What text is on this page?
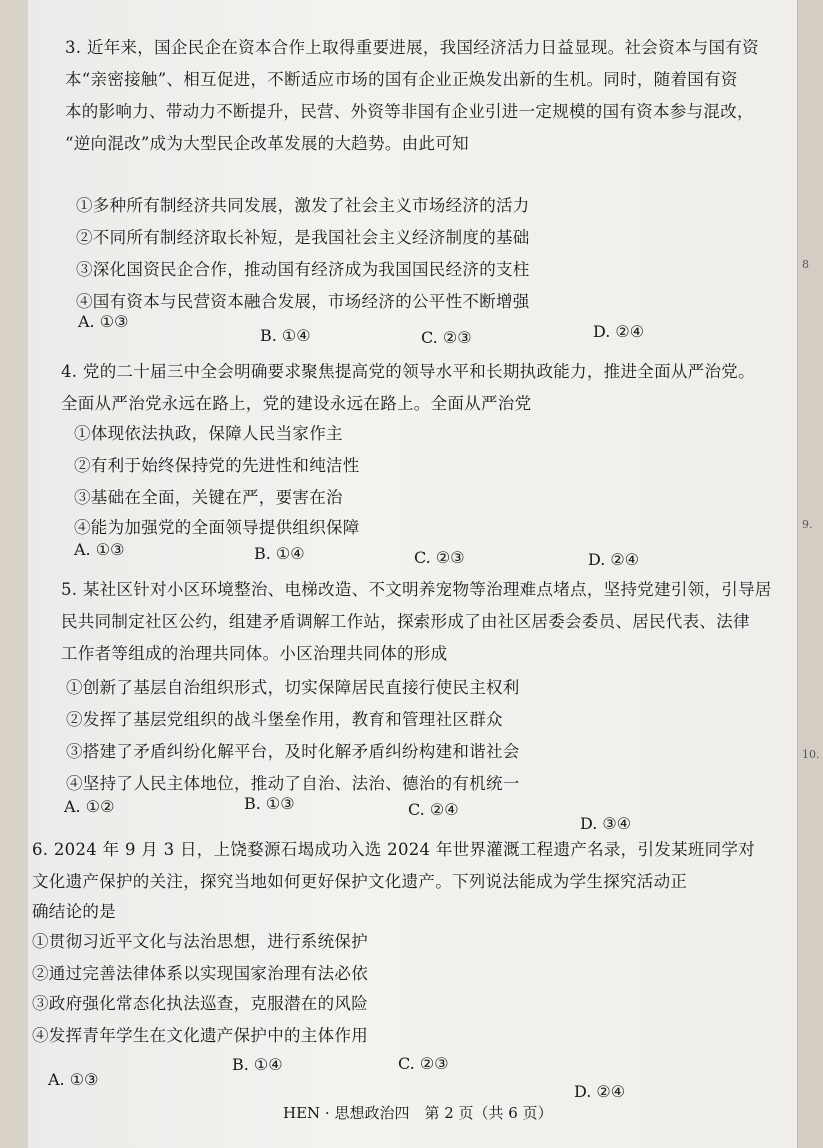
3. 近年来，国企民企在资本合作上取得重要进展，我国经济活力日益显现。社会资本与国有资
本“亲密接触”、相互促进，不断适应市场的国有企业正焕发出新的生机。同时，随着国有资
本的影响力、带动力不断提升，民营、外资等非国有企业引进一定规模的国有资本参与混改，
“逆向混改”成为大型民企改革发展的大趋势。由此可知
①多种所有制经济共同发展，激发了社会主义市场经济的活力
②不同所有制经济取长补短，是我国社会主义经济制度的基础
③深化国资民企合作，推动国有经济成为我国国民经济的支柱
④国有资本与民营资本融合发展，市场经济的公平性不断增强
A. ①③
B. ①④	C. ②③	D. ②④
4. 党的二十届三中全会明确要求聚焦提高党的领导水平和长期执政能力，推进全面从严治党。
全面从严治党永远在路上，党的建设永远在路上。全面从严治党
①体现依法执政，保障人民当家作主
②有利于始终保持党的先进性和纯洁性
③基础在全面，关键在严，要害在治
④能为加强党的全面领导提供组织保障
A. ①③	B. ①④	C. ②③	D. ②④
5. 某社区针对小区环境整治、电梯改造、不文明养宠物等治理难点堵点，坚持党建引领，引导居
民共同制定社区公约，组建矛盾调解工作站，探索形成了由社区居委会委员、居民代表、法律
工作者等组成的治理共同体。小区治理共同体的形成
①创新了基层自治组织形式，切实保障居民直接行使民主权利
②发挥了基层党组织的战斗堡垒作用，教育和管理社区群众
③搭建了矛盾纠纷化解平台，及时化解矛盾纠纷构建和谐社会
④坚持了人民主体地位，推动了自治、法治、德治的有机统一
A. ①②	B. ①③	C. ②④
D. ③④
6. 2024 年 9 月 3 日，上饶婺源石堨成功入选 2024 年世界灌溉工程遗产名录，引发某班同学对
文化遗产保护的关注，探究当地如何更好保护文化遗产。下列说法能成为学生探究活动正
确结论的是
①贯彻习近平文化与法治思想，进行系统保护
②通过完善法律体系以实现国家治理有法必依
③政府强化常态化执法巡查，克服潜在的风险
④发挥青年学生在文化遗产保护中的主体作用
A. ①③
B. ①④	C. ②③
D. ②④
HEN · 思想政治四　第 2 页（共 6 页）
8
9.
10.
